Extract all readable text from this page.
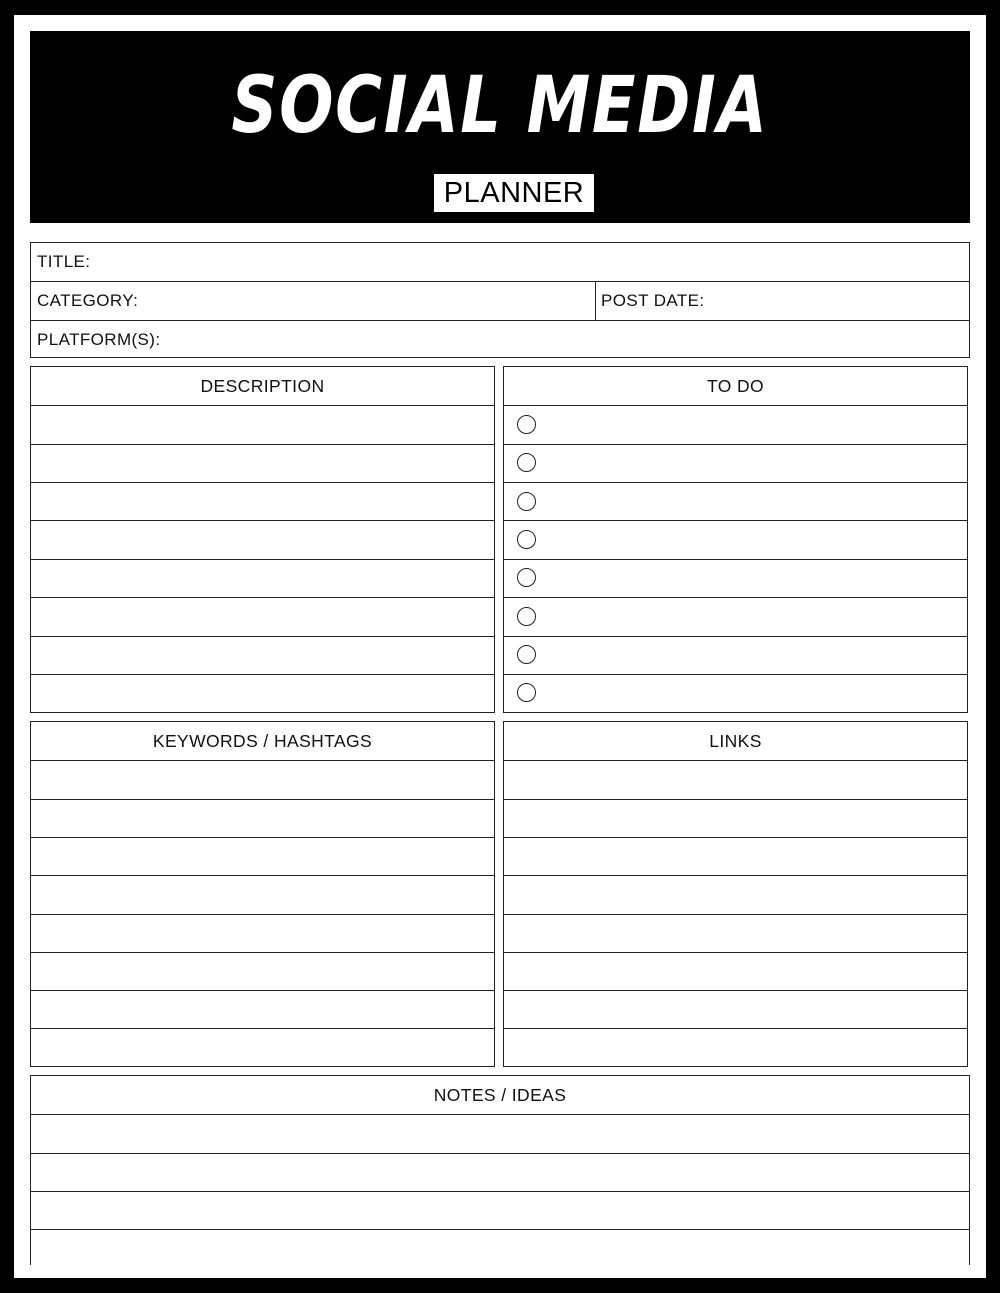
SOCIAL MEDIA
PLANNER
TITLE:
CATEGORY:	POST DATE:
PLATFORM(S):
DESCRIPTION	TO DO
KEYWORDS / HASHTAGS	LINKS
NOTES / IDEAS
